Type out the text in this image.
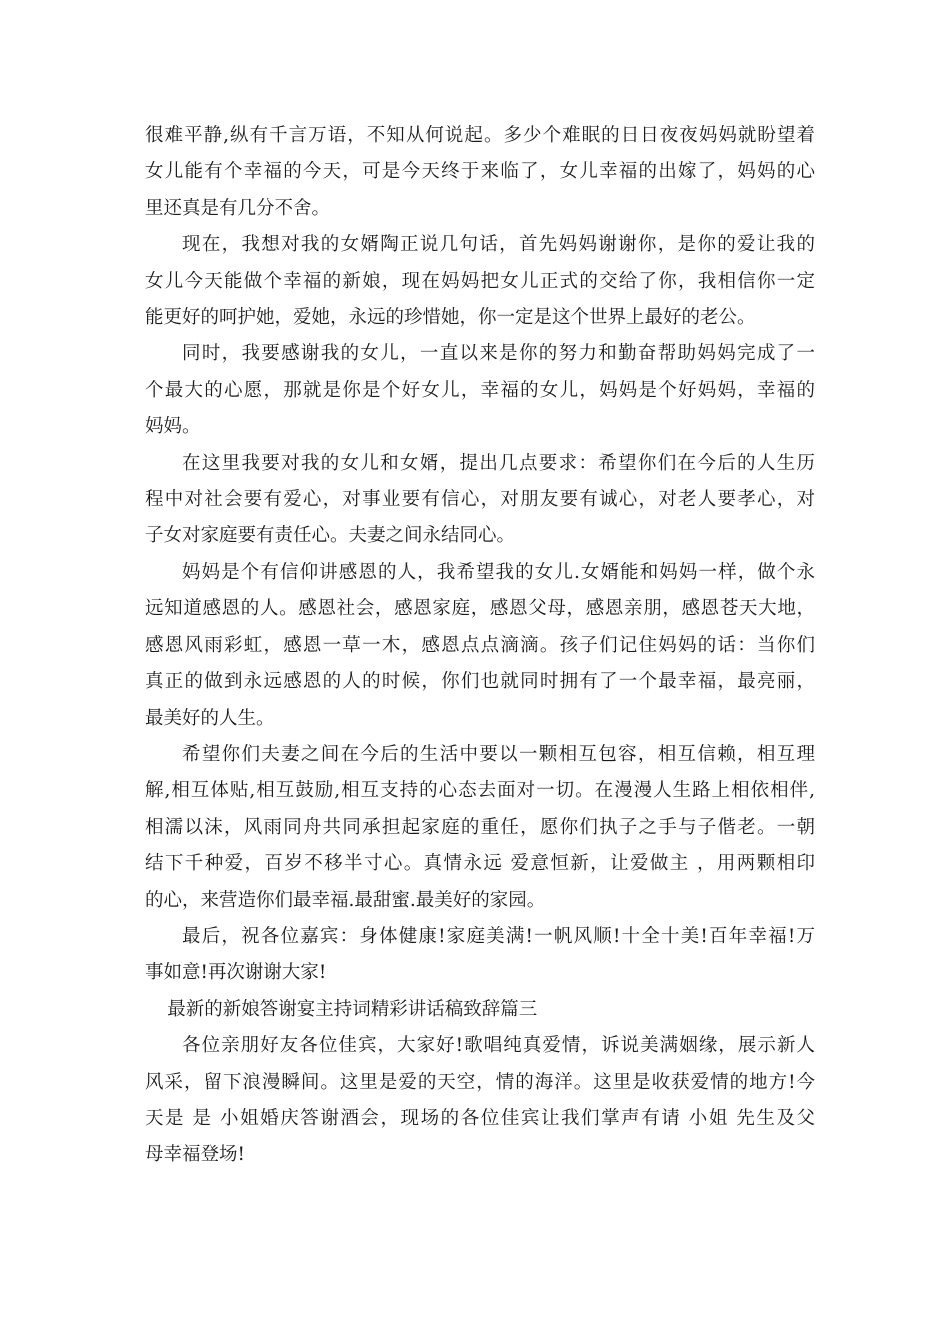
很难平静,纵有千言万语，不知从何说起。多少个难眠的日日夜夜妈妈就盼望着
女儿能有个幸福的今天，可是今天终于来临了，女儿幸福的出嫁了，妈妈的心
里还真是有几分不舍。
现在，我想对我的女婿陶正说几句话，首先妈妈谢谢你，是你的爱让我的
女儿今天能做个幸福的新娘，现在妈妈把女儿正式的交给了你，我相信你一定
能更好的呵护她，爱她，永远的珍惜她，你一定是这个世界上最好的老公。
同时，我要感谢我的女儿，一直以来是你的努力和勤奋帮助妈妈完成了一
个最大的心愿，那就是你是个好女儿，幸福的女儿，妈妈是个好妈妈，幸福的
妈妈。
在这里我要对我的女儿和女婿，提出几点要求：希望你们在今后的人生历
程中对社会要有爱心，对事业要有信心，对朋友要有诚心，对老人要孝心，对
子女对家庭要有责任心。夫妻之间永结同心。
妈妈是个有信仰讲感恩的人，我希望我的女儿.女婿能和妈妈一样，做个永
远知道感恩的人。感恩社会，感恩家庭，感恩父母，感恩亲朋，感恩苍天大地，
感恩风雨彩虹，感恩一草一木，感恩点点滴滴。孩子们记住妈妈的话：当你们
真正的做到永远感恩的人的时候，你们也就同时拥有了一个最幸福，最亮丽，
最美好的人生。
希望你们夫妻之间在今后的生活中要以一颗相互包容，相互信赖，相互理
解,相互体贴,相互鼓励,相互支持的心态去面对一切。在漫漫人生路上相依相伴,
相濡以沫，风雨同舟共同承担起家庭的重任，愿你们执子之手与子偕老。一朝
结下千种爱，百岁不移半寸心。真情永远 爱意恒新，让爱做主 ，用两颗相印
的心，来营造你们最幸福.最甜蜜.最美好的家园。
最后，祝各位嘉宾：身体健康!家庭美满!一帆风顺!十全十美!百年幸福!万
事如意!再次谢谢大家!
最新的新娘答谢宴主持词精彩讲话稿致辞篇三
各位亲朋好友各位佳宾，大家好!歌唱纯真爱情，诉说美满姻缘，展示新人
风采，留下浪漫瞬间。这里是爱的天空，情的海洋。这里是收获爱情的地方!今
天是 是 小姐婚庆答谢酒会，现场的各位佳宾让我们掌声有请 小姐 先生及父
母幸福登场!
